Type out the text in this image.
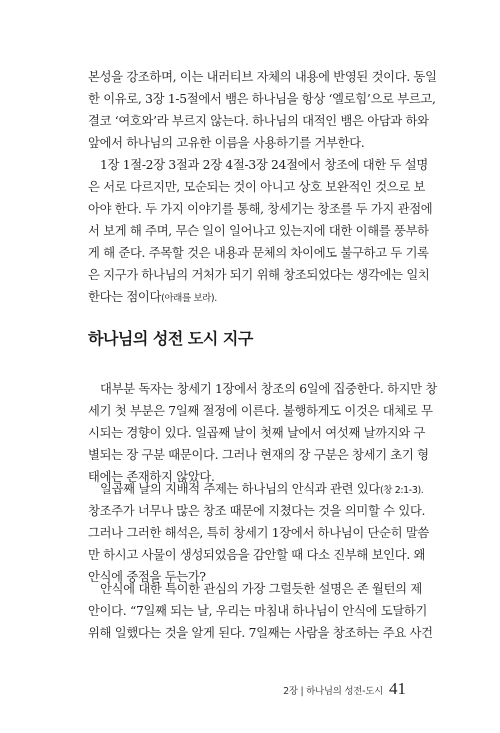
본성을 강조하며, 이는 내러티브 자체의 내용에 반영된 것이다. 동일
한 이유로, 3장 1-5절에서 뱀은 하나님을 항상 ‘엘로힘’으로 부르고,
결코 ‘여호와’라 부르지 않는다. 하나님의 대적인 뱀은 아담과 하와
앞에서 하나님의 고유한 이름을 사용하기를 거부한다.
1장 1절-2장 3절과 2장 4절-3장 24절에서 창조에 대한 두 설명
은 서로 다르지만, 모순되는 것이 아니고 상호 보완적인 것으로 보
아야 한다. 두 가지 이야기를 통해, 창세기는 창조를 두 가지 관점에
서 보게 해 주며, 무슨 일이 일어나고 있는지에 대한 이해를 풍부하
게 해 준다. 주목할 것은 내용과 문체의 차이에도 불구하고 두 기록
은 지구가 하나님의 거처가 되기 위해 창조되었다는 생각에는 일치
한다는 점이다(아래를 보라).
하나님의 성전 도시 지구
대부분 독자는 창세기 1장에서 창조의 6일에 집중한다. 하지만 창
세기 첫 부분은 7일째 절정에 이른다. 불행하게도 이것은 대체로 무
시되는 경향이 있다. 일곱째 날이 첫째 날에서 여섯째 날까지와 구
별되는 장 구분 때문이다. 그러나 현재의 장 구분은 창세기 초기 형
태에는 존재하지 않았다.
일곱째 날의 지배적 주제는 하나님의 안식과 관련 있다(창 2:1-3).
창조주가 너무나 많은 창조 때문에 지쳤다는 것을 의미할 수 있다.
그러나 그러한 해석은, 특히 창세기 1장에서 하나님이 단순히 말씀
만 하시고 사물이 생성되었음을 감안할 때 다소 진부해 보인다. 왜
안식에 중점을 두는가?
안식에 대한 특이한 관심의 가장 그럴듯한 설명은 존 월턴의 제
안이다. “7일째 되는 날, 우리는 마침내 하나님이 안식에 도달하기
위해 일했다는 것을 알게 된다. 7일째는 사람을 창조하는 주요 사건
2장 | 하나님의 성전-도시 41
